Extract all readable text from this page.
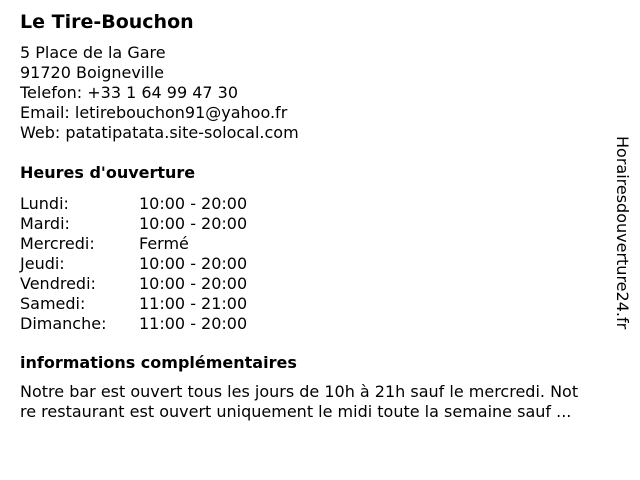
Le Tire-Bouchon
5 Place de la Gare
91720 Boigneville
Telefon: +33 1 64 99 47 30
Email: letirebouchon91@yahoo.fr
Web: patatipatata.site-solocal.com
Heures d'ouverture
Lundi:	10:00 - 20:00
Mardi:	10:00 - 20:00
Mercredi:	Fermé
Jeudi:	10:00 - 20:00
Vendredi:	10:00 - 20:00
Samedi:	11:00 - 21:00
Dimanche: 11:00 - 20:00
informations complémentaires
Notre bar est ouvert tous les jours de 10h à 21h sauf le mercredi. Not
re restaurant est ouvert uniquement le midi toute la semaine sauf ...
Horairesdouverture24.fr
